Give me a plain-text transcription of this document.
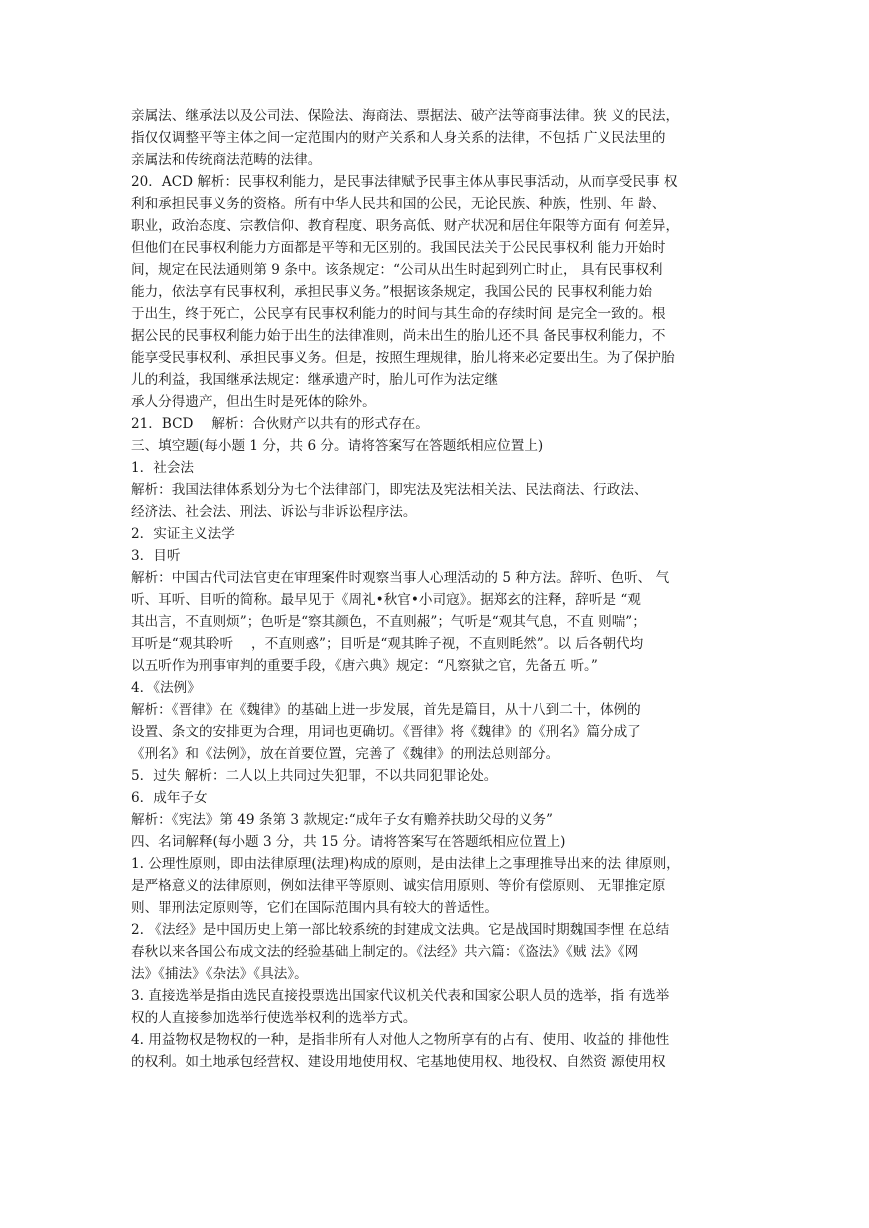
亲属法、继承法以及公司法、保险法、海商法、票据法、破产法等商事法律。狭 义的民法，
指仅仅调整平等主体之间一定范围内的财产关系和人身关系的法律，不包括 广义民法里的
亲属法和传统商法范畴的法律。
20．ACD 解析：民事权利能力，是民事法律赋予民事主体从事民事活动，从而享受民事 权
利和承担民事义务的资格。所有中华人民共和国的公民，无论民族、种族，性别、年 龄、
职业，政治态度、宗教信仰、教育程度、职务高低、财产状况和居住年限等方面有 何差异，
但他们在民事权利能力方面都是平等和无区别的。我国民法关于公民民事权利 能力开始时
间，规定在民法通则第 9 条中。该条规定：“公司从出生时起到列亡时止， 具有民事权利
能力，依法享有民事权利，承担民事义务。”根据该条规定，我国公民的 民事权利能力始
于出生，终于死亡，公民享有民事权利能力的时间与其生命的存续时间 是完全一致的。根
据公民的民事权利能力始于出生的法律准则，尚未出生的胎儿还不具 备民事权利能力，不
能享受民事权利、承担民事义务。但是，按照生理规律，胎儿将来必定要出生。为了保护胎
儿的利益，我国继承法规定：继承遗产时，胎儿可作为法定继
承人分得遗产，但出生时是死体的除外。
21．BCD　 解析：合伙财产以共有的形式存在。
三、填空题(每小题 1 分，共 6 分。请将答案写在答题纸相应位置上)
1．社会法
解析：我国法律体系划分为七个法律部门，即宪法及宪法相关法、民法商法、行政法、
经济法、社会法、刑法、诉讼与非诉讼程序法。
2．实证主义法学
3．目听
解析：中国古代司法官吏在审理案件时观察当事人心理活动的 5 种方法。辞听、色听、 气
听、耳听、目听的简称。最早见于《周礼•秋官•小司寇》。据郑玄的注释，辞听是 “观
其出言，不直则烦”；色听是“察其颜色，不直则赧”；气听是“观其气息，不直 则喘”；
耳听是“观其聆听　 ，不直则惑”；目听是“观其眸子视，不直则眊然”。以 后各朝代均
以五听作为刑事审判的重要手段，《唐六典》规定：“凡察狱之官，先备五 听。”
4．《法例》
解析：《晋律》在《魏律》的基础上进一步发展，首先是篇目，从十八到二十，体例的
设置、条文的安排更为合理，用词也更确切。《晋律》将《魏律》的《刑名》篇分成了
《刑名》和《法例》，放在首要位置，完善了《魏律》的刑法总则部分。
5．过失 解析：二人以上共同过失犯罪，不以共同犯罪论处。
6．成年子女
解析：《宪法》第 49 条第 3 款规定:“成年子女有赡养扶助父母的义务”
四、名词解释(每小题 3 分，共 15 分。请将答案写在答题纸相应位置上)
1. 公理性原则，即由法律原理(法理)构成的原则，是由法律上之事理推导出来的法 律原则，
是严格意义的法律原则，例如法律平等原则、诚实信用原则、等价有偿原则、 无罪推定原
则、罪刑法定原则等，它们在国际范围内具有较大的普适性。
2. 《法经》是中国历史上第一部比较系统的封建成文法典。它是战国时期魏国李悝 在总结
春秋以来各国公布成文法的经验基础上制定的。《法经》共六篇：《盗法》《贼 法》《网
法》《捕法》《杂法》《具法》。
3. 直接选举是指由选民直接投票选出国家代议机关代表和国家公职人员的选举，指 有选举
权的人直接参加选举行使选举权利的选举方式。
4. 用益物权是物权的一种，是指非所有人对他人之物所享有的占有、使用、收益的 排他性
的权利。如土地承包经营权、建设用地使用权、宅基地使用权、地役权、自然资 源使用权
